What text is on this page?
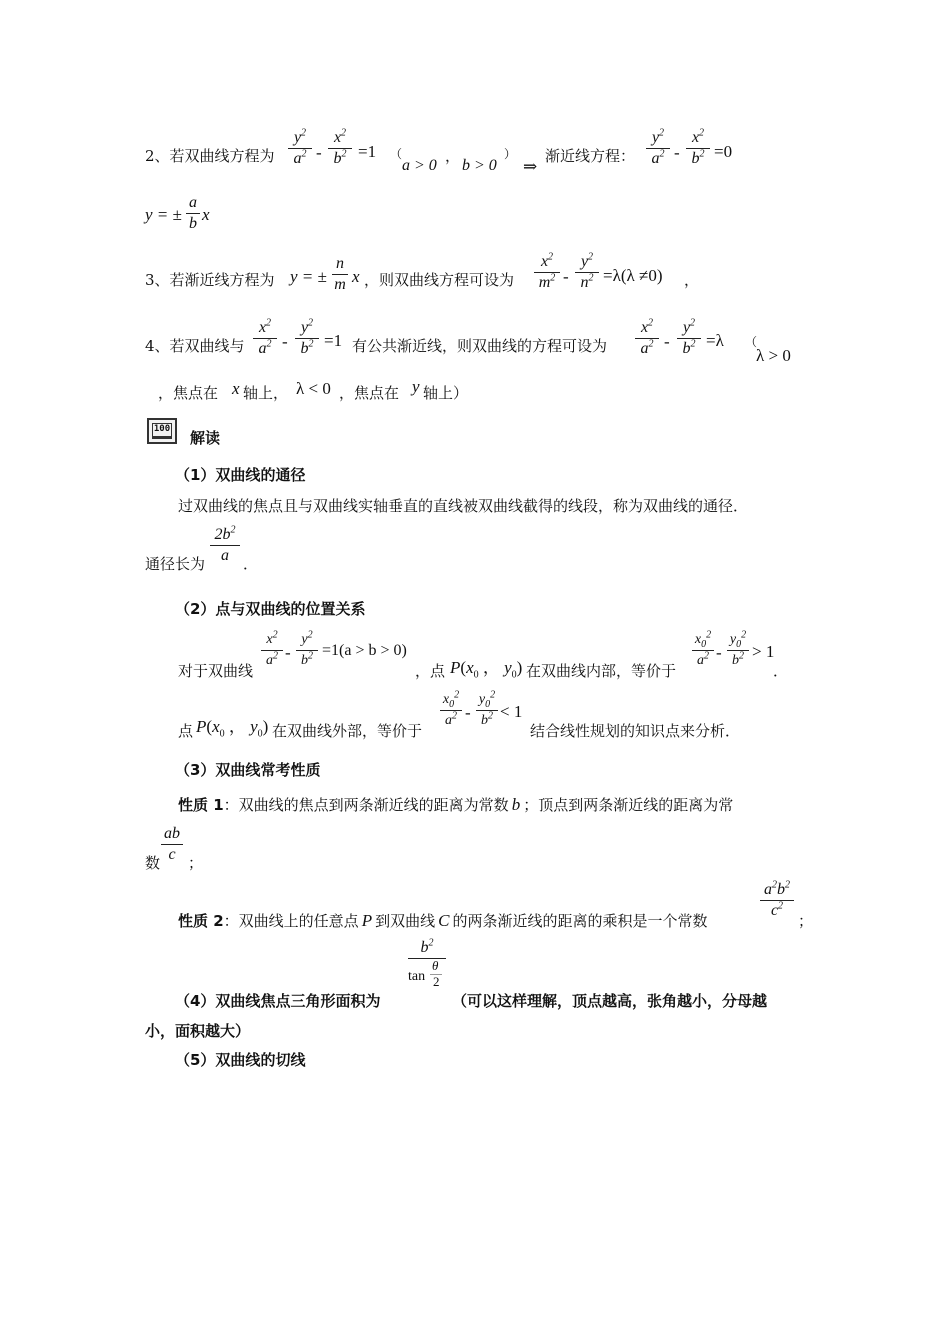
2、若双曲线方程为 $\frac{y^2}{a^2} - \frac{x^2}{b^2} =1$ （
a > 0
，
b > 0
）
⇒
渐近线方程： $\frac{y^2}{a^2} - \frac{x^2}{b^2} =0$
y = ± $\frac{a}{b}$ x
3、若渐近线方程为 y = ± $\frac{n}{m}$ x ，则双曲线方程可设为 $\frac{x^2}{m^2} - \frac{y^2}{n^2} =\lambda(\lambda \ne 0)$ ，
4、若双曲线与 $\frac{x^2}{a^2} - \frac{y^2}{b^2} =1$ 有公共渐近线，则双曲线的方程可设为 $\frac{x^2}{a^2} - \frac{y^2}{b^2} =\lambda$ （
λ > 0
，焦点在 x 轴上， λ < 0 ，焦点在 y 轴上）
100 解读
（1）双曲线的通径
过双曲线的焦点且与双曲线实轴垂直的直线被双曲线截得的线段，称为双曲线的通径．
$\frac{2b^2}{a}$
通径长为	．
（2）点与双曲线的位置关系
对于双曲线 $\frac{x^2}{a^2} - \frac{y^2}{b^2} =1(a > b > 0)$
，点 $P(x_0$ ， $y_0$) 在双曲线内部，等价于 $\frac{x_0^2}{a^2} - \frac{y_0^2}{b^2} > 1$
．
点 $P(x_0$ ， $y_0$) 在双曲线外部，等价于 $\frac{x_0^2}{a^2} - \frac{y_0^2}{b^2} < 1$
结合线性规划的知识点来分析．
（3）双曲线常考性质
性质 1：双曲线的焦点到两条渐近线的距离为常数 b ；顶点到两条渐近线的距离为常
$\frac{ab}{c}$
数 ；
$\frac{a^2b^2}{c^2}$
性质 2：双曲线上的任意点 P 到双曲线 C 的两条渐近线的距离的乘积是一个常数	；
$b^2$
tan
θ
2
（4）双曲线焦点三角形面积为	（可以这样理解，顶点越高，张角越小，分母越
小，面积越大）
（5）双曲线的切线
